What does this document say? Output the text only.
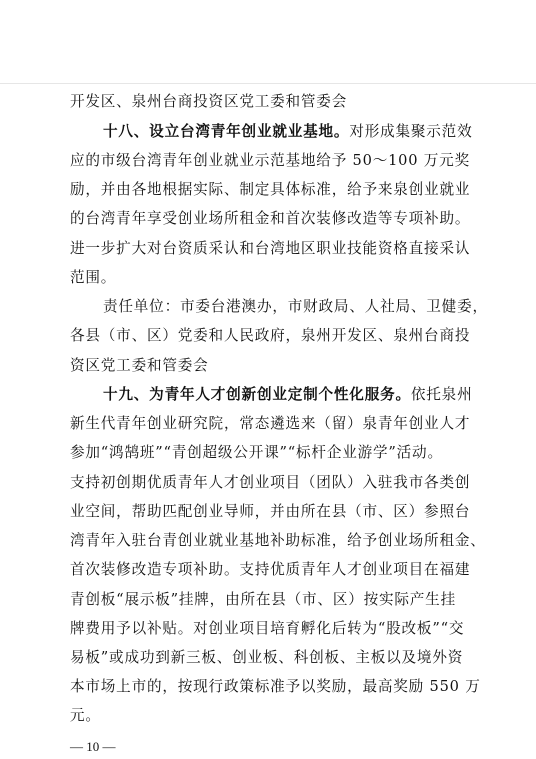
开发区、泉州台商投资区党工委和管委会
十八、设立台湾青年创业就业基地。对形成集聚示范效
应的市级台湾青年创业就业示范基地给予 50～100 万元奖
励，并由各地根据实际、制定具体标准，给予来泉创业就业
的台湾青年享受创业场所租金和首次装修改造等专项补助。
进一步扩大对台资质采认和台湾地区职业技能资格直接采认
范围。
责任单位：市委台港澳办，市财政局、人社局、卫健委，
各县（市、区）党委和人民政府，泉州开发区、泉州台商投
资区党工委和管委会
十九、为青年人才创新创业定制个性化服务。依托泉州
新生代青年创业研究院，常态遴选来（留）泉青年创业人才
参加“鸿鹄班”“青创超级公开课”“标杆企业游学”活动。
支持初创期优质青年人才创业项目（团队）入驻我市各类创
业空间，帮助匹配创业导师，并由所在县（市、区）参照台
湾青年入驻台青创业就业基地补助标准，给予创业场所租金、
首次装修改造专项补助。支持优质青年人才创业项目在福建
青创板“展示板”挂牌，由所在县（市、区）按实际产生挂
牌费用予以补贴。对创业项目培育孵化后转为“股改板”“交
易板”或成功到新三板、创业板、科创板、主板以及境外资
本市场上市的，按现行政策标准予以奖励，最高奖励 550 万
元。
— 10 —
